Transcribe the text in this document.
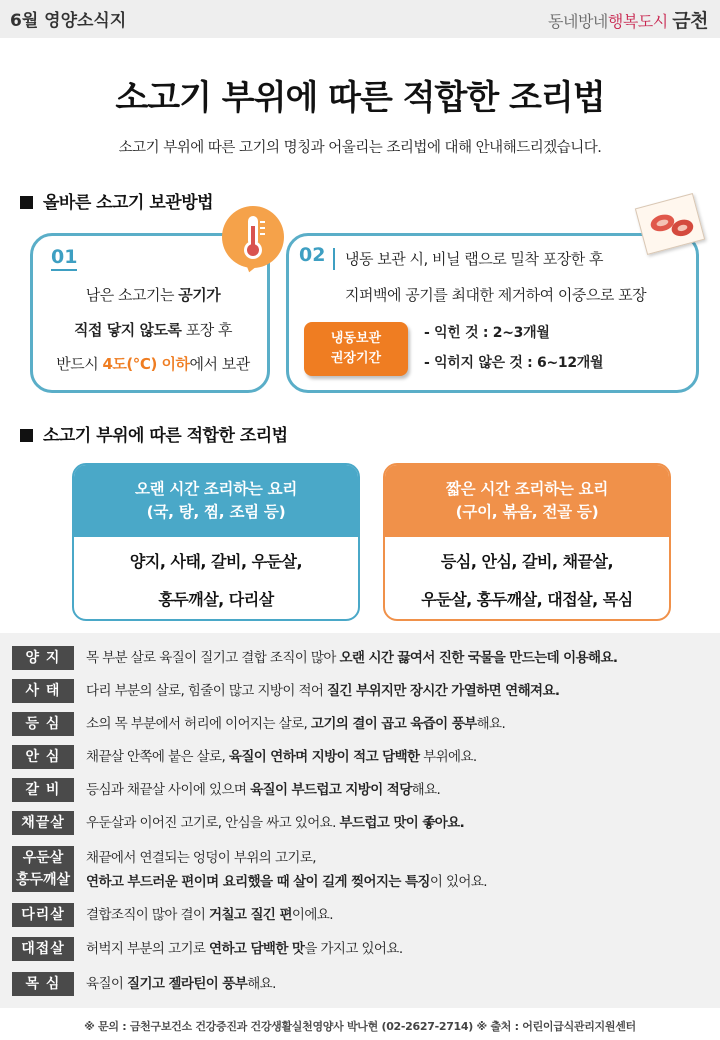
6월 영양소식지	동네방네행복도시 금천
소고기 부위에 따른 적합한 조리법
소고기 부위에 따른 고기의 명칭과 어울리는 조리법에 대해 안내해드리겠습니다.
올바른 소고기 보관방법
01
남은 소고기는 공기가
직접 닿지 않도록 포장 후
반드시 4도(℃) 이하에서 보관
02 냉동 보관 시, 비닐 랩으로 밀착 포장한 후
지퍼백에 공기를 최대한 제거하여 이중으로 포장
냉동보관
권장기간
- 익힌 것 : 2~3개월
- 익히지 않은 것 : 6~12개월
소고기 부위에 따른 적합한 조리법
오랜 시간 조리하는 요리
(국, 탕, 찜, 조림 등)
양지, 사태, 갈비, 우둔살,
홍두깨살, 다리살
짧은 시간 조리하는 요리
(구이, 볶음, 전골 등)
등심, 안심, 갈비, 채끝살,
우둔살, 홍두깨살, 대접살, 목심
양 지	목 부분 살로 육질이 질기고 결합 조직이 많아 오랜 시간 끓여서 진한 국물을 만드는데 이용해요.
사 태	다리 부분의 살로, 힘줄이 많고 지방이 적어 질긴 부위지만 장시간 가열하면 연해져요.
등 심	소의 목 부분에서 허리에 이어지는 살로, 고기의 결이 곱고 육즙이 풍부해요.
안 심	채끝살 안쪽에 붙은 살로, 육질이 연하며 지방이 적고 담백한 부위에요.
갈 비	등심과 채끝살 사이에 있으며 육질이 부드럽고 지방이 적당해요.
채끝살	우둔살과 이어진 고기로, 안심을 싸고 있어요. 부드럽고 맛이 좋아요.
우둔살
홍두깨살
채끝에서 연결되는 엉덩이 부위의 고기로,
연하고 부드러운 편이며 요리했을 때 살이 길게 찢어지는 특징이 있어요.
다리살	결합조직이 많아 결이 거칠고 질긴 편이에요.
대접살	허벅지 부분의 고기로 연하고 담백한 맛을 가지고 있어요.
목 심	육질이 질기고 젤라틴이 풍부해요.
※ 문의 : 금천구보건소 건강증진과 건강생활실천영양사 박나현 (02-2627-2714) ※ 출처 : 어린이급식관리지원센터
